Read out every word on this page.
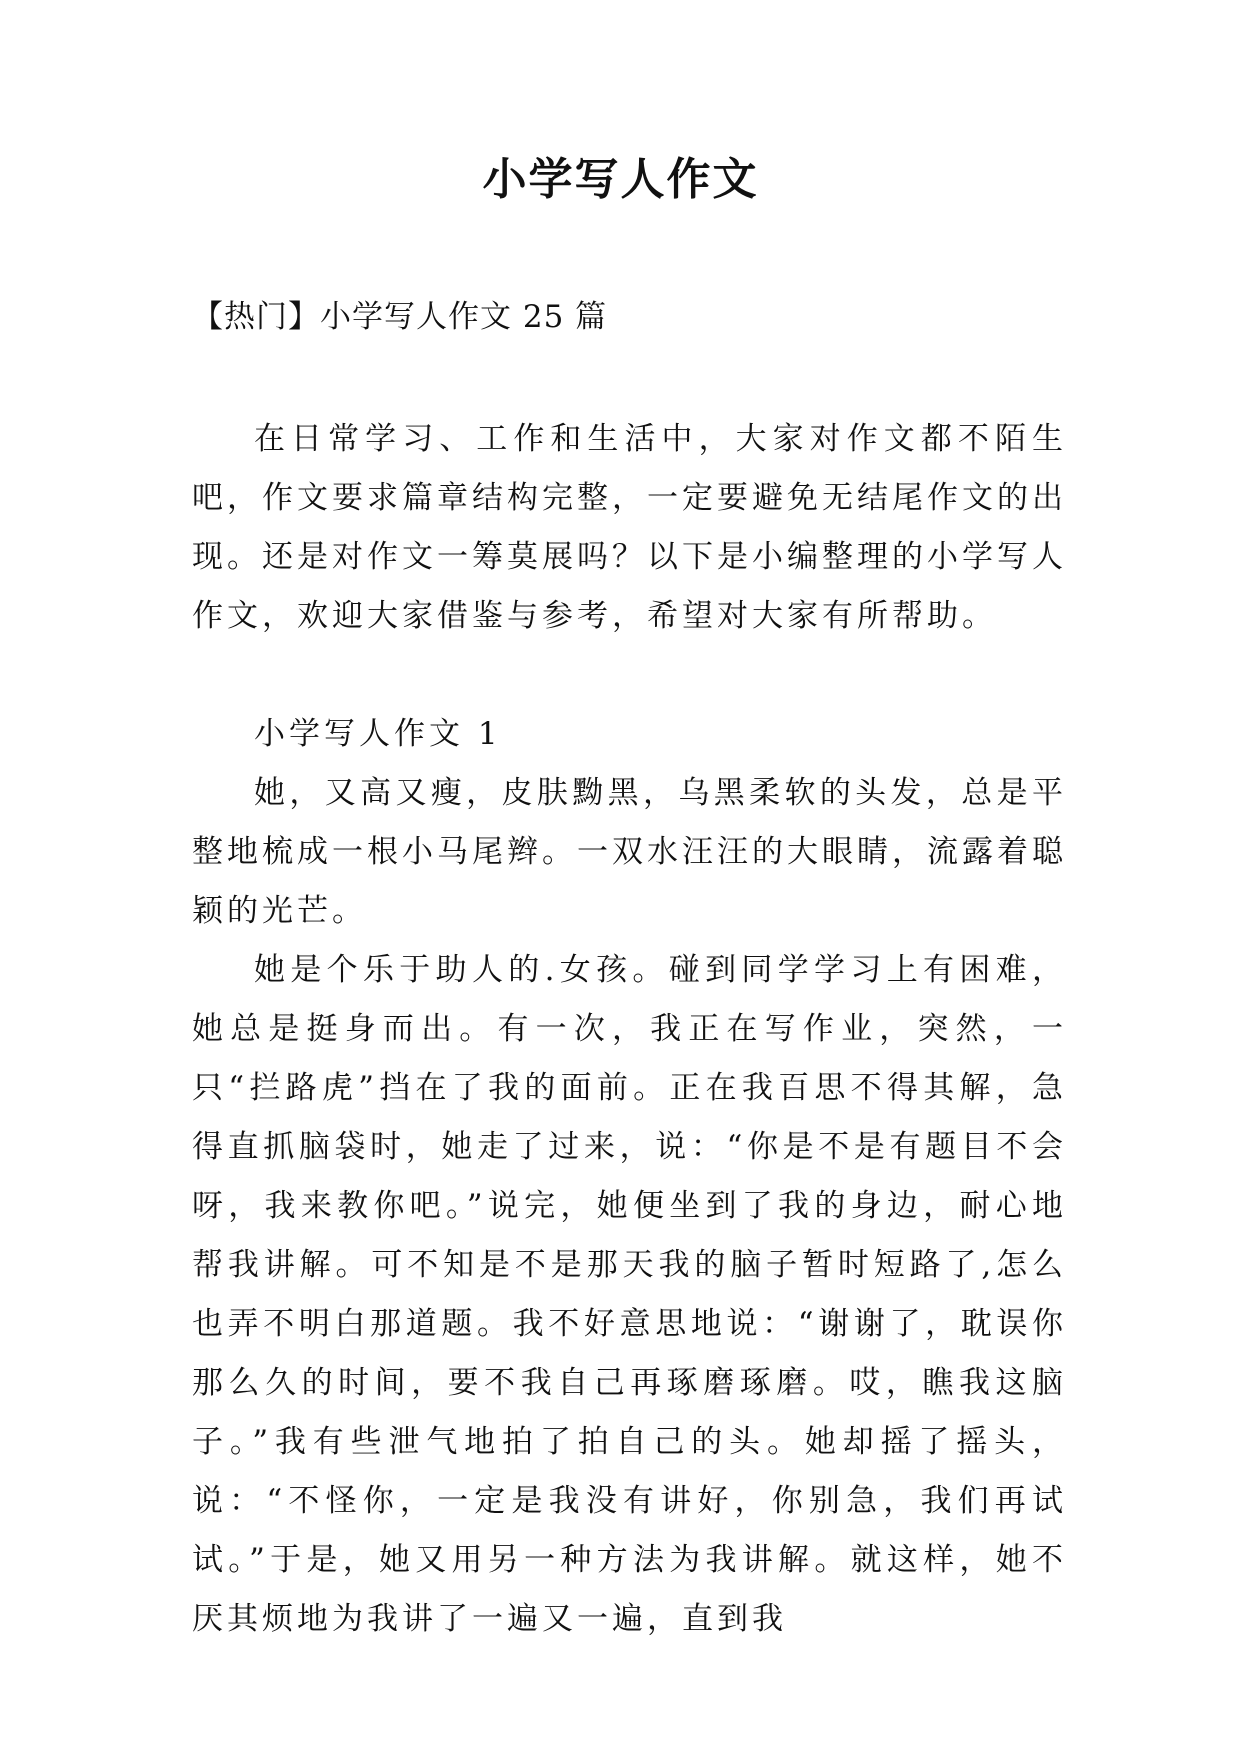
小学写人作文
【热门】小学写人作文 25 篇

在日常学习、工作和生活中，大家对作文都不陌生吧，作文要求篇章结构完整，一定要避免无结尾作文的出现。还是对作文一筹莫展吗？以下是小编整理的小学写人作文，欢迎大家借鉴与参考，希望对大家有所帮助。

小学写人作文 1

她，又高又瘦，皮肤黝黑，乌黑柔软的头发，总是平整地梳成一根小马尾辫。一双水汪汪的大眼睛，流露着聪颖的光芒。

她是个乐于助人的.女孩。碰到同学学习上有困难，她总是挺身而出。有一次，我正在写作业，突然，一只“拦路虎”挡在了我的面前。正在我百思不得其解，急得直抓脑袋时，她走了过来，说：“你是不是有题目不会呀，我来教你吧。”说完，她便坐到了我的身边，耐心地帮我讲解。可不知是不是那天我的脑子暂时短路了,怎么也弄不明白那道题。我不好意思地说：“谢谢了，耽误你那么久的时间，要不我自己再琢磨琢磨。哎，瞧我这脑子。”我有些泄气地拍了拍自己的头。她却摇了摇头，说：“不怪你，一定是我没有讲好，你别急，我们再试试。”于是，她又用另一种方法为我讲解。就这样，她不厌其烦地为我讲了一遍又一遍，直到我
